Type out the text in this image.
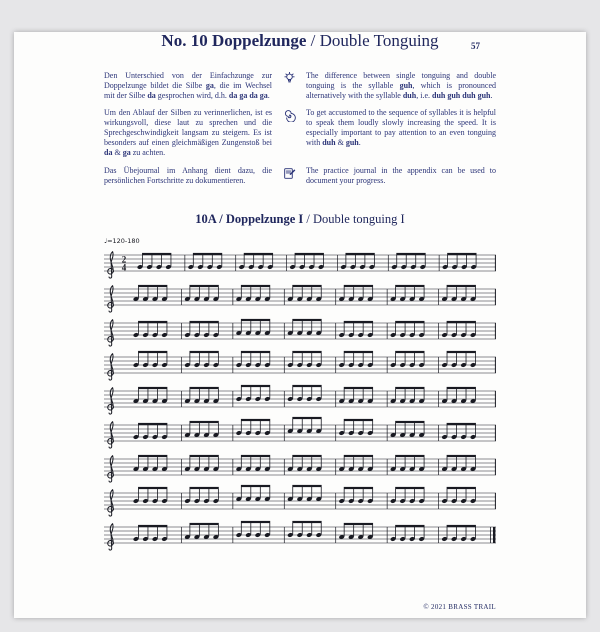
57
No. 10 Doppelzunge / Double Tonguing

Den Unterschied von der Einfachzunge zur Doppelzunge bildet die Silbe ga, die im Wechsel mit der Silbe da gesprochen wird, d.h. da ga da ga.

The difference between single tonguing and double tonguing is the syllable guh, which is pronounced alternatively with the syllable duh, i.e. duh guh duh guh.

Um den Ablauf der Silben zu verinnerlichen, ist es wirkungsvoll, diese laut zu sprechen und die Sprechgeschwindigkeit langsam zu steigern. Es ist besonders auf einen gleichmäßigen Zungenstoß bei da & ga zu achten.

To get accustomed to the sequence of syllables it is helpful to speak them loudly slowly increasing the speed. It is especially important to pay attention to an even tonguing with duh & guh.

Das Übejournal im Anhang dient dazu, die persönlichen Fortschritte zu dokumentieren.

The practice journal in the appendix can be used to document your progress.

10A / Doppelzunge I / Double tonguing I
♩=120-180
2
4
© 2021 BRASS TRAIL
